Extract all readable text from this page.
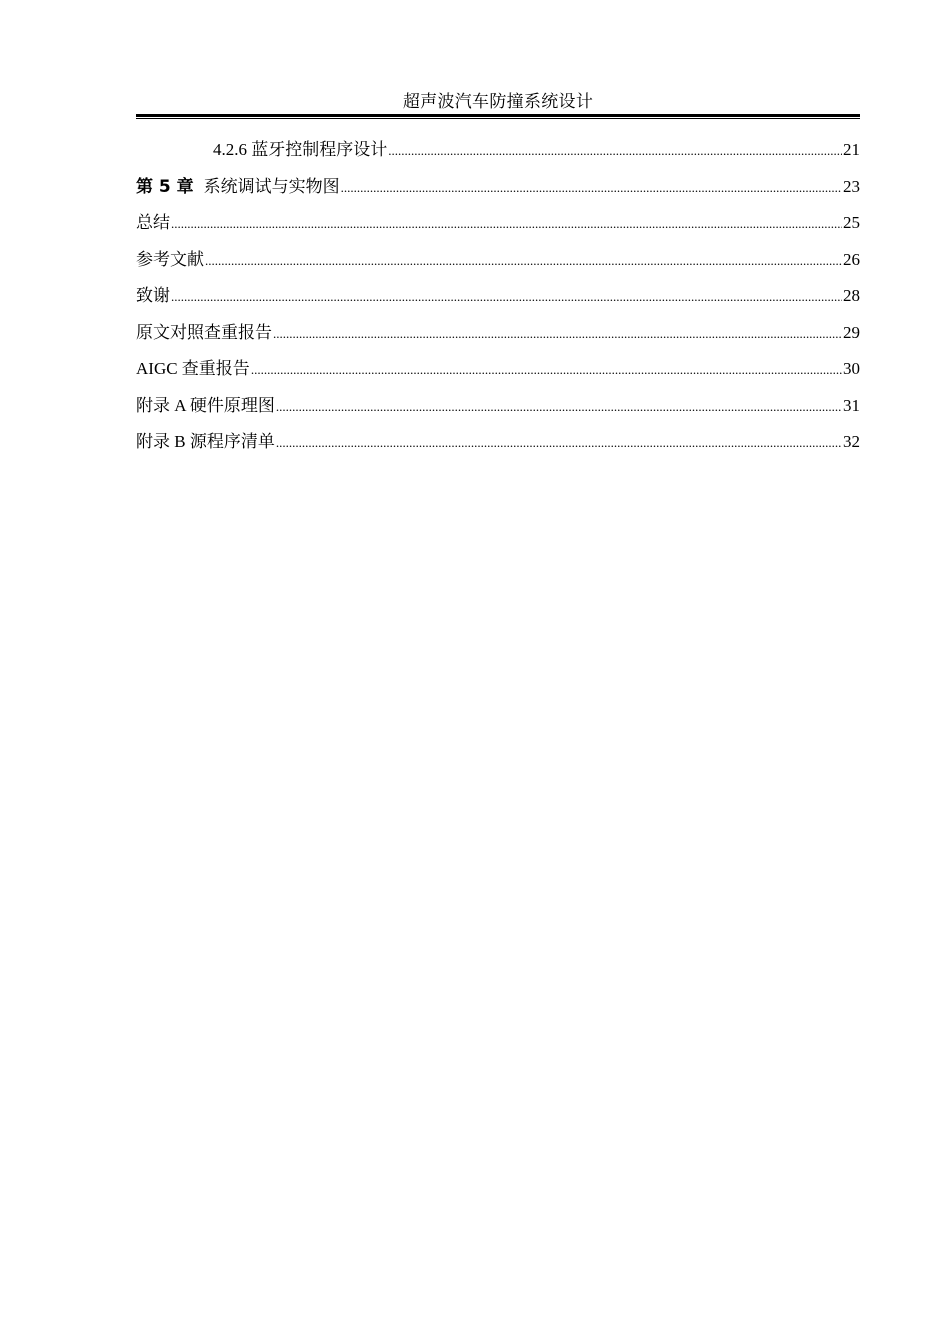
超声波汽车防撞系统设计
4.2.6 蓝牙控制程序设计 .....	21
第 5 章 系统调试与实物图 .....	23
总结 .....	25
参考文献 .....	26
致谢 .....	28
原文对照查重报告 .....	29
AIGC 查重报告 .....	30
附录 A 硬件原理图 .....	31
附录 B 源程序清单 .....	32
